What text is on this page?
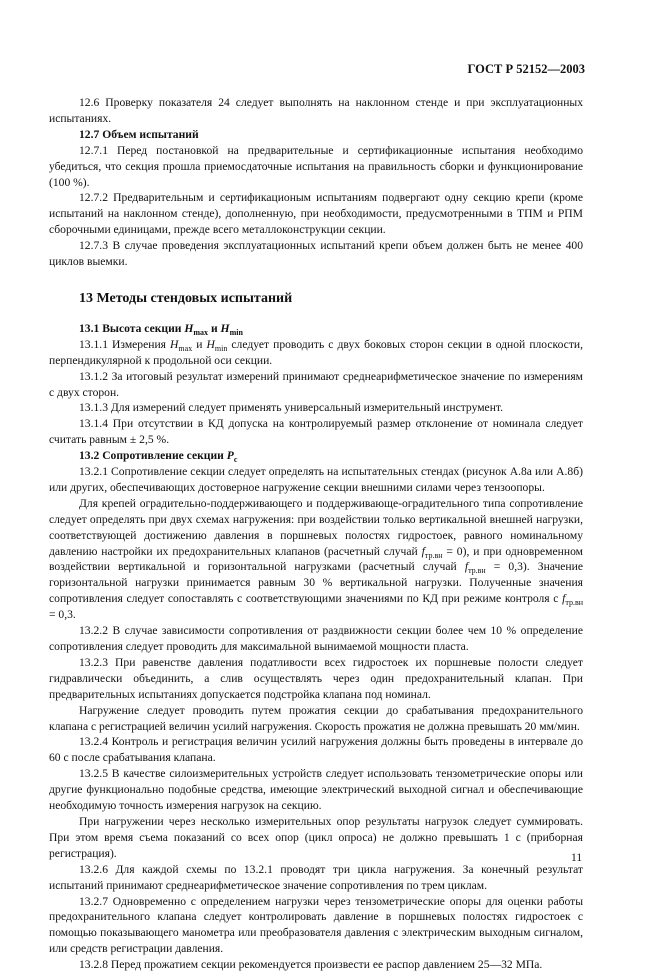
ГОСТ Р 52152—2003

12.6 Проверку показателя 24 следует выполнять на наклонном стенде и при эксплуатационных испытаниях.

12.7 Объем испытаний

12.7.1 Перед постановкой на предварительные и сертификационные испытания необходимо убедиться, что секция прошла приемосдаточные испытания на правильность сборки и функционирование (100 %).

12.7.2 Предварительным и сертификационым испытаниям подвергают одну секцию крепи (кроме испытаний на наклонном стенде), дополненную, при необходимости, предусмотренными в ТПМ и РПМ сборочными единицами, прежде всего металлоконструкции секции.

12.7.3 В случае проведения эксплуатационных испытаний крепи объем должен быть не менее 400 циклов выемки.

13 Методы стендовых испытаний

13.1 Высота секции $H_{max}$ и $H_{min}$

13.1.1 Измерения $H_{max}$ и $H_{min}$ следует проводить с двух боковых сторон секции в одной плоскости, перпендикулярной к продольной оси секции.

13.1.2 За итоговый результат измерений принимают среднеарифметическое значение по измерениям с двух сторон.

13.1.3 Для измерений следует применять универсальный измерительный инструмент.

13.1.4 При отсутствии в КД допуска на контролируемый размер отклонение от номинала следует считать равным ± 2,5 %.

13.2 Сопротивление секции $P_c$

13.2.1 Сопротивление секции следует определять на испытательных стендах (рисунок А.8а или А.8б) или других, обеспечивающих достоверное нагружение секции внешними силами через тензоопоры.

Для крепей оградительно-поддерживающего и поддерживающе-оградительного типа сопротивление следует определять при двух схемах нагружения: при воздействии только вертикальной внешней нагрузки, соответствующей достижению давления в поршневых полостях гидростоек, равного номинальному давлению настройки их предохранительных клапанов (расчетный случай $f_{тр.вн} = 0$), и при одновременном воздействии вертикальной и горизонтальной нагрузками (расчетный случай $f_{тр.вн} = 0,3$). Значение горизонтальной нагрузки принимается равным 30 % вертикальной нагрузки. Полученные значения сопротивления следует сопоставлять с соответствующими значениями по КД при режиме контроля с $f_{тр.вн} = 0,3$.

13.2.2 В случае зависимости сопротивления от раздвижности секции более чем 10 % определение сопротивления следует проводить для максимальной вынимаемой мощности пласта.

13.2.3 При равенстве давления податливости всех гидростоек их поршневые полости следует гидравлически объединить, а слив осуществлять через один предохранительный клапан. При предварительных испытаниях допускается подстройка клапана под номинал.

Нагружение следует проводить путем прожатия секции до срабатывания предохранительного клапана с регистрацией величин усилий нагружения. Скорость прожатия не должна превышать 20 мм/мин.

13.2.4 Контроль и регистрация величин усилий нагружения должны быть проведены в интервале до 60 с после срабатывания клапана.

13.2.5 В качестве силоизмерительных устройств следует использовать тензометрические опоры или другие функционально подобные средства, имеющие электрический выходной сигнал и обеспечивающие необходимую точность измерения нагрузок на секцию.

При нагружении через несколько измерительных опор результаты нагрузок следует суммировать. При этом время съема показаний со всех опор (цикл опроса) не должно превышать 1 с (приборная регистрация).

13.2.6 Для каждой схемы по 13.2.1 проводят три цикла нагружения. За конечный результат испытаний принимают среднеарифметическое значение сопротивления по трем циклам.

13.2.7 Одновременно с определением нагрузки через тензометрические опоры для оценки работы предохранительного клапана следует контролировать давление в поршневых полостях гидростоек с помощью показывающего манометра или преобразователя давления с электрическим выходным сигналом, или средств регистрации давления.

13.2.8 Перед прожатием секции рекомендуется произвести ее распор давлением 25—32 МПа.

11
